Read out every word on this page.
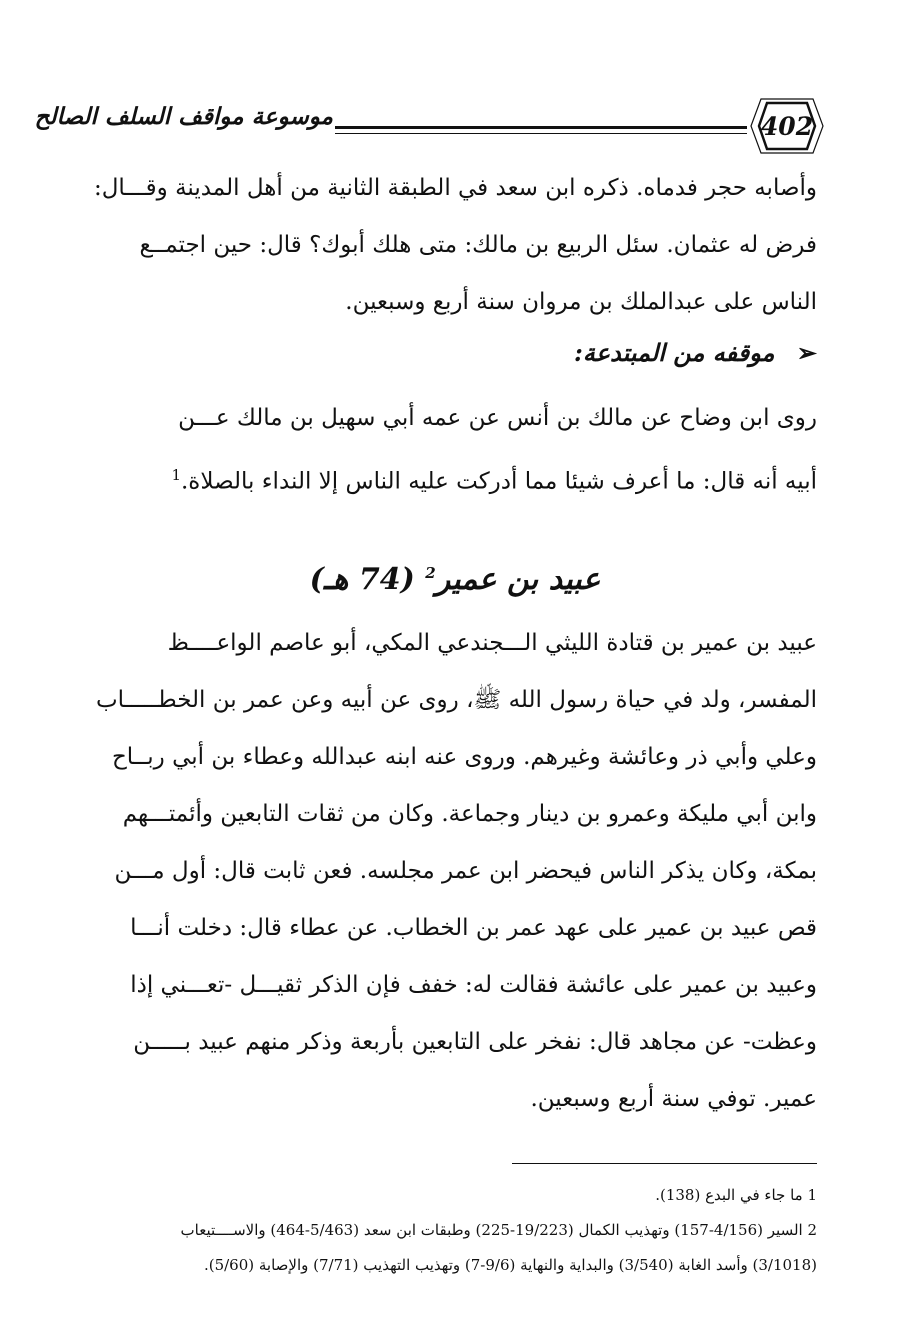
موسوعة مواقف السلف الصالح	402
وأصابه حجر فدماه. ذكره ابن سعد في الطبقة الثانية من أهل المدينة وقـــال:
فرض له عثمان. سئل الربيع بن مالك: متى هلك أبوك؟ قال: حين اجتمــع
الناس على عبدالملك بن مروان سنة أربع وسبعين.
➢ موقفه من المبتدعة:
روى ابن وضاح عن مالك بن أنس عن عمه أبي سهيل بن مالك عـــن
أبيه أنه قال: ما أعرف شيئا مما أدركت عليه الناس إلا النداء بالصلاة.$^1$
عبيد بن عمير$^2$ (74 هـ)
عبيد بن عمير بن قتادة الليثي الـــجندعي المكي، أبو عاصم الواعــــظ
المفسر، ولد في حياة رسول الله ﷺ، روى عن أبيه وعن عمر بن الخطـــــاب
وعلي وأبي ذر وعائشة وغيرهم. وروى عنه ابنه عبدالله وعطاء بن أبي ربــاح
وابن أبي مليكة وعمرو بن دينار وجماعة. وكان من ثقات التابعين وأئمتـــهم
بمكة، وكان يذكر الناس فيحضر ابن عمر مجلسه. فعن ثابت قال: أول مـــن
قص عبيد بن عمير على عهد عمر بن الخطاب. عن عطاء قال: دخلت أنـــا
وعبيد بن عمير على عائشة فقالت له: خفف فإن الذكر ثقيـــل -تعـــني إذا
وعظت- عن مجاهد قال: نفخر على التابعين بأربعة وذكر منهم عبيد بـــــن
عمير. توفي سنة أربع وسبعين.
1 ما جاء في البدع (138).
2 السير (4/156-157) وتهذيب الكمال (19/223-225) وطبقات ابن سعد (5/463-464) والاســــتيعاب
(3/1018) وأسد الغابة (3/540) والبداية والنهاية (9/6-7) وتهذيب التهذيب (7/71) والإصابة (5/60).
